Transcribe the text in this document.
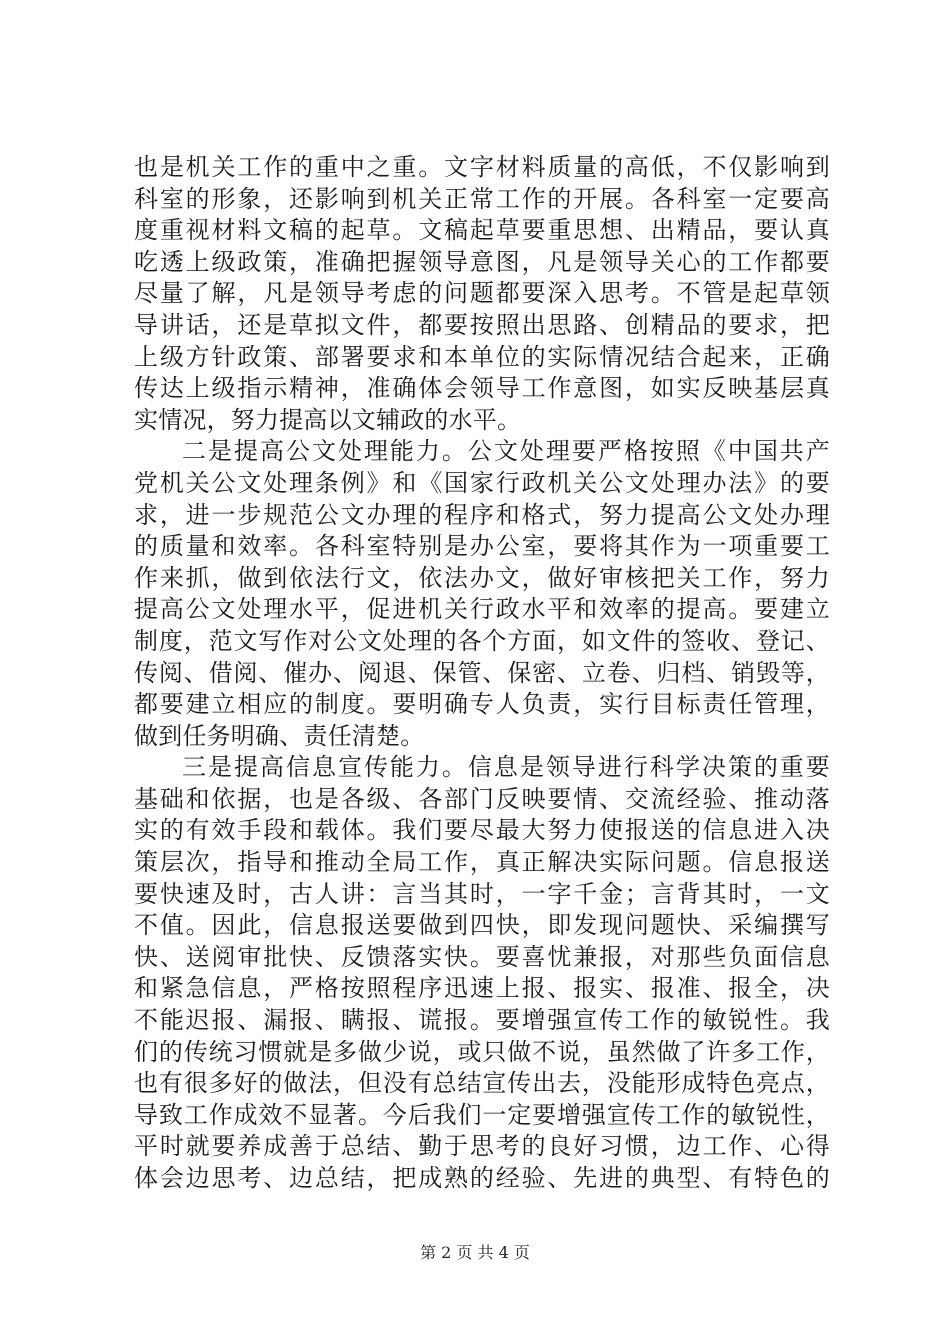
也是机关工作的重中之重。文字材料质量的高低，不仅影响到
科室的形象，还影响到机关正常工作的开展。各科室一定要高
度重视材料文稿的起草。文稿起草要重思想、出精品，要认真
吃透上级政策，准确把握领导意图，凡是领导关心的工作都要
尽量了解，凡是领导考虑的问题都要深入思考。不管是起草领
导讲话，还是草拟文件，都要按照出思路、创精品的要求，把
上级方针政策、部署要求和本单位的实际情况结合起来，正确
传达上级指示精神，准确体会领导工作意图，如实反映基层真
实情况，努力提高以文辅政的水平。
二是提高公文处理能力。公文处理要严格按照《中国共产
党机关公文处理条例》和《国家行政机关公文处理办法》的要
求，进一步规范公文办理的程序和格式，努力提高公文处办理
的质量和效率。各科室特别是办公室，要将其作为一项重要工
作来抓，做到依法行文，依法办文，做好审核把关工作，努力
提高公文处理水平，促进机关行政水平和效率的提高。要建立
制度，范文写作对公文处理的各个方面，如文件的签收、登记、
传阅、借阅、催办、阅退、保管、保密、立卷、归档、销毁等，
都要建立相应的制度。要明确专人负责，实行目标责任管理，
做到任务明确、责任清楚。
三是提高信息宣传能力。信息是领导进行科学决策的重要
基础和依据，也是各级、各部门反映要情、交流经验、推动落
实的有效手段和载体。我们要尽最大努力使报送的信息进入决
策层次，指导和推动全局工作，真正解决实际问题。信息报送
要快速及时，古人讲：言当其时，一字千金；言背其时，一文
不值。因此，信息报送要做到四快，即发现问题快、采编撰写
快、送阅审批快、反馈落实快。要喜忧兼报，对那些负面信息
和紧急信息，严格按照程序迅速上报、报实、报准、报全，决
不能迟报、漏报、瞒报、谎报。要增强宣传工作的敏锐性。我
们的传统习惯就是多做少说，或只做不说，虽然做了许多工作，
也有很多好的做法，但没有总结宣传出去，没能形成特色亮点，
导致工作成效不显著。今后我们一定要增强宣传工作的敏锐性，
平时就要养成善于总结、勤于思考的良好习惯，边工作、心得
体会边思考、边总结，把成熟的经验、先进的典型、有特色的
第 2 页 共 4 页
